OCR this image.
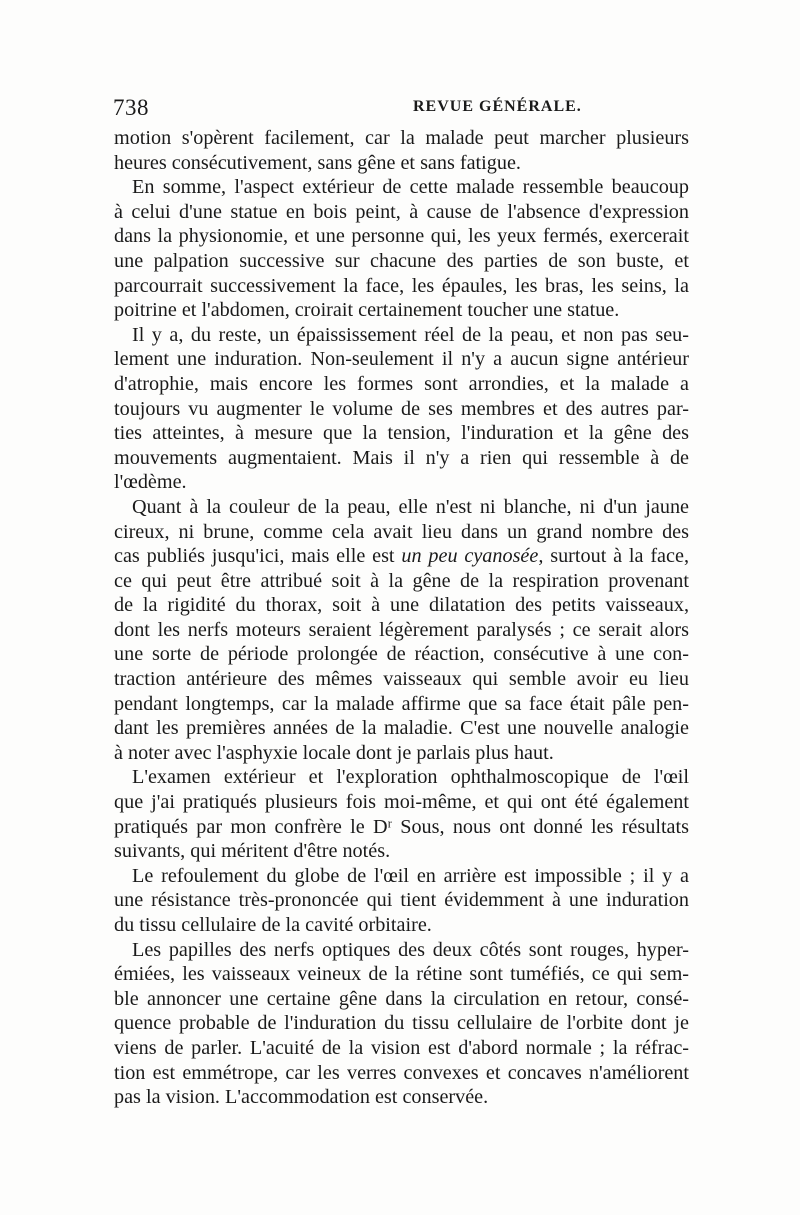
738	REVUE GÉNÉRALE.
motion s'opèrent facilement, car la malade peut marcher plusieurs
heures consécutivement, sans gêne et sans fatigue.
En somme, l'aspect extérieur de cette malade ressemble beaucoup
à celui d'une statue en bois peint, à cause de l'absence d'expression
dans la physionomie, et une personne qui, les yeux fermés, exercerait
une palpation successive sur chacune des parties de son buste, et
parcourrait successivement la face, les épaules, les bras, les seins, la
poitrine et l'abdomen, croirait certainement toucher une statue.
Il y a, du reste, un épaississement réel de la peau, et non pas seu-
lement une induration. Non-seulement il n'y a aucun signe antérieur
d'atrophie, mais encore les formes sont arrondies, et la malade a
toujours vu augmenter le volume de ses membres et des autres par-
ties atteintes, à mesure que la tension, l'induration et la gêne des
mouvements augmentaient. Mais il n'y a rien qui ressemble à de
l'œdème.
Quant à la couleur de la peau, elle n'est ni blanche, ni d'un jaune
cireux, ni brune, comme cela avait lieu dans un grand nombre des
cas publiés jusqu'ici, mais elle est un peu cyanosée, surtout à la face,
ce qui peut être attribué soit à la gêne de la respiration provenant
de la rigidité du thorax, soit à une dilatation des petits vaisseaux,
dont les nerfs moteurs seraient légèrement paralysés ; ce serait alors
une sorte de période prolongée de réaction, consécutive à une con-
traction antérieure des mêmes vaisseaux qui semble avoir eu lieu
pendant longtemps, car la malade affirme que sa face était pâle pen-
dant les premières années de la maladie. C'est une nouvelle analogie
à noter avec l'asphyxie locale dont je parlais plus haut.
L'examen extérieur et l'exploration ophthalmoscopique de l'œil
que j'ai pratiqués plusieurs fois moi-même, et qui ont été également
pratiqués par mon confrère le Dʳ Sous, nous ont donné les résultats
suivants, qui méritent d'être notés.
Le refoulement du globe de l'œil en arrière est impossible ; il y a
une résistance très-prononcée qui tient évidemment à une induration
du tissu cellulaire de la cavité orbitaire.
Les papilles des nerfs optiques des deux côtés sont rouges, hyper-
émiées, les vaisseaux veineux de la rétine sont tuméfiés, ce qui sem-
ble annoncer une certaine gêne dans la circulation en retour, consé-
quence probable de l'induration du tissu cellulaire de l'orbite dont je
viens de parler. L'acuité de la vision est d'abord normale ; la réfrac-
tion est emmétrope, car les verres convexes et concaves n'améliorent
pas la vision. L'accommodation est conservée.
